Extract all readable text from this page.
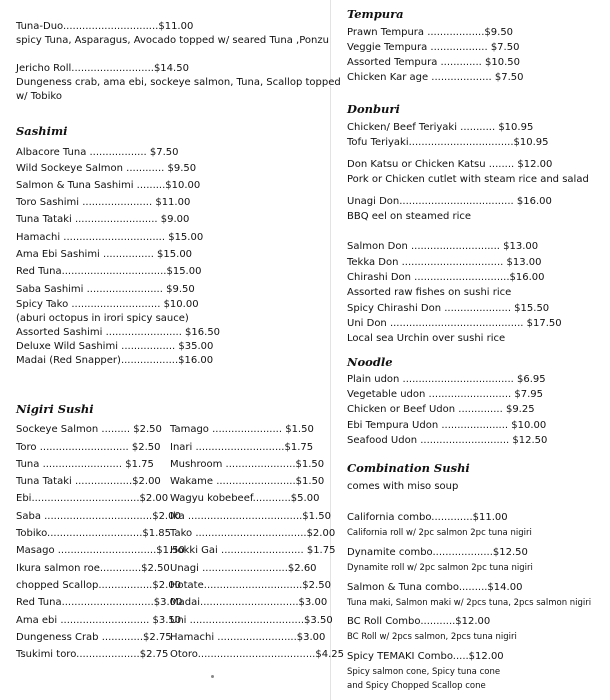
Tuna-Duo..............................$11.00
spicy Tuna, Asparagus, Avocado topped w/ seared Tuna ,Ponzu
Jericho Roll..........................$14.50
Dungeness crab, ama ebi, sockeye salmon, Tuna, Scallop topped
w/ Tobiko
Sashimi
Albacore Tuna .................. $7.50
Wild Sockeye Salmon ............ $9.50
Salmon & Tuna Sashimi .........$10.00
Toro Sashimi ...................... $11.00
Tuna Tataki .......................... $9.00
Hamachi ................................ $15.00
Ama Ebi Sashimi ................ $15.00
Red Tuna.................................$15.00
Saba Sashimi ........................ $9.50
Spicy Tako ............................ $10.00
(aburi octopus in irori spicy sauce)
Assorted Sashimi ........................ $16.50
Deluxe Wild Sashimi ................. $35.00
Madai (Red Snapper)..................$16.00
Nigiri Sushi
Sockeye Salmon ......... $2.50
Toro ............................ $2.50
Tuna ......................... $1.75
Tuna Tataki ..................$2.00
Ebi..................................$2.00
Saba ..................................$2.00
Tobiko..............................$1.85
Masago ...............................$1.50
Ikura salmon roe.............$2.50
chopped Scallop.................$2.00
Red Tuna.............................$3.00
Ama ebi ............................ $3.50
Dungeness Crab .............$2.75
Tsukimi toro....................$2.75
Tamago ...................... $1.50
Inari ............................$1.75
Mushroom ......................$1.50
Wakame .........................$1.50
Wagyu kobebeef............$5.00
Ika ....................................$1.50
Tako ...................................$2.00
Hokki Gai .......................... $1.75
Unagi ...........................$2.60
Hotate...............................$2.50
Madai...............................$3.00
Uni ....................................$3.50
Hamachi .........................$3.00
Otoro.....................................$4.25
Tempura
Prawn Tempura ..................$9.50
Veggie Tempura .................. $7.50
Assorted Tempura ............. $10.50
Chicken Kar age ................... $7.50
Donburi
Chicken/ Beef Teriyaki ........... $10.95
Tofu Teriyaki.................................$10.95
Don Katsu or Chicken Katsu ........ $12.00
Pork or Chicken cutlet with steam rice and salad
Unagi Don.................................... $16.00
BBQ eel on steamed rice
Salmon Don ............................ $13.00
Tekka Don ................................ $13.00
Chirashi Don ..............................$16.00
Assorted raw fishes on sushi rice
Spicy Chirashi Don ..................... $15.50
Uni Don .......................................... $17.50
Local sea Urchin over sushi rice
Noodle
Plain udon ................................... $6.95
Vegetable udon .......................... $7.95
Chicken or Beef Udon .............. $9.25
Ebi Tempura Udon ..................... $10.00
Seafood Udon ............................ $12.50
Combination Sushi
comes with miso soup
California combo.............$11.00
California roll w/ 2pc salmon 2pc tuna nigiri
Dynamite combo...................$12.50
Dynamite roll w/ 2pc salmon 2pc tuna nigiri
Salmon & Tuna combo.........$14.00
Tuna maki, Salmon maki w/ 2pcs tuna, 2pcs salmon nigiri
BC Roll Combo...........$12.00
BC Roll w/ 2pcs salmon, 2pcs tuna nigiri
Spicy TEMAKI Combo.....$12.00
Spicy salmon cone, Spicy tuna cone
and Spicy Chopped Scallop cone
